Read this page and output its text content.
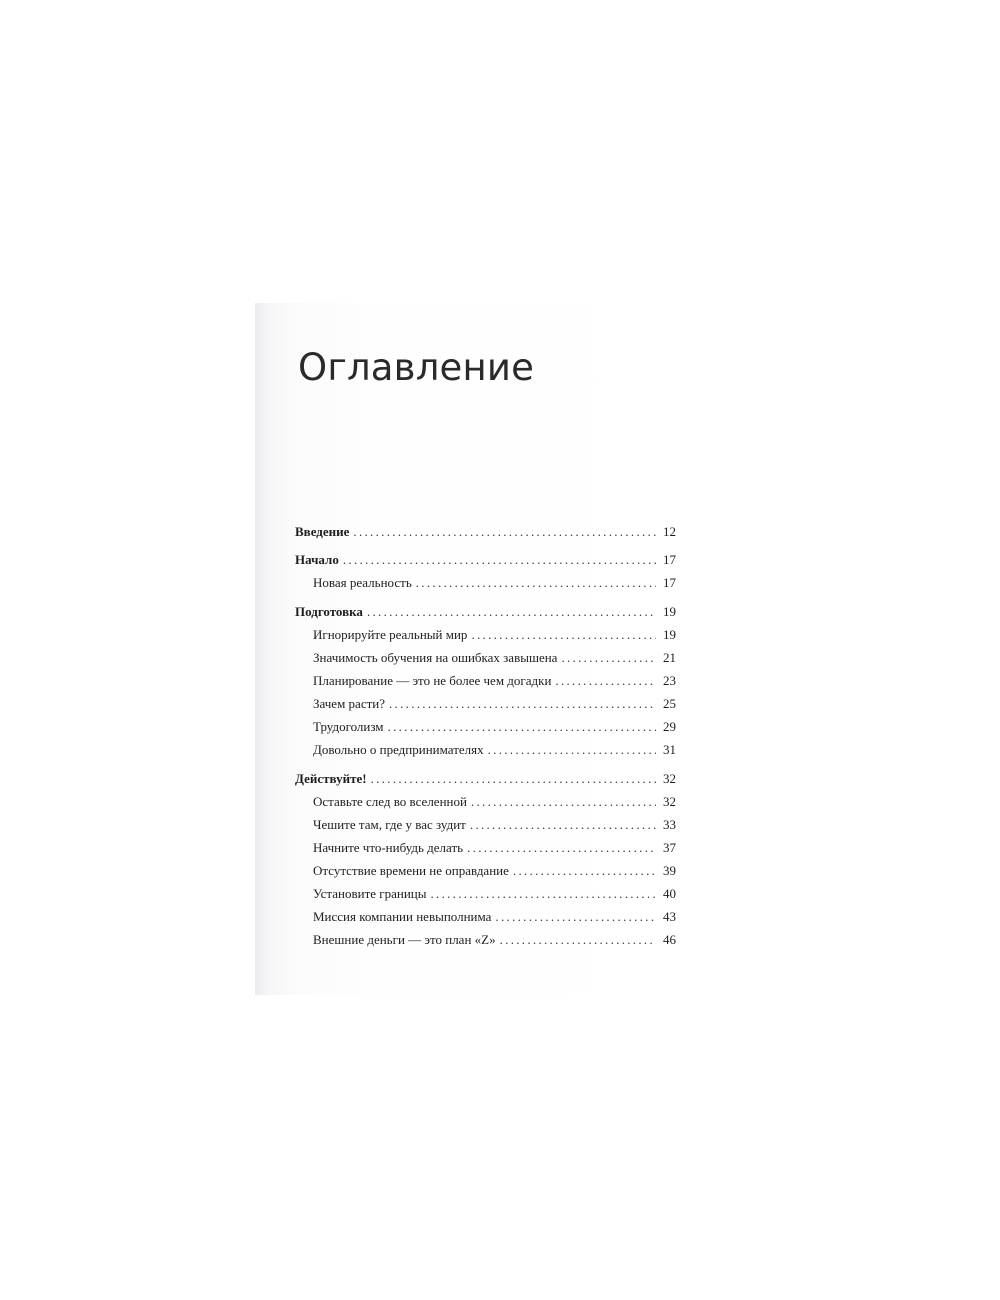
Оглавление
Введение .....	12
Начало .....	17
Новая реальность .....	17
Подготовка .....	19
Игнорируйте реальный мир .....	19
Значимость обучения на ошибках завышена .....	21
Планирование — это не более чем догадки .....	23
Зачем расти? .....	25
Трудоголизм .....	29
Довольно о предпринимателях .....	31
Действуйте! .....	32
Оставьте след во вселенной .....	32
Чешите там, где у вас зудит .....	33
Начните что-нибудь делать .....	37
Отсутствие времени не оправдание .....	39
Установите границы .....	40
Миссия компании невыполнима .....	43
Внешние деньги — это план «Z» .....	46
